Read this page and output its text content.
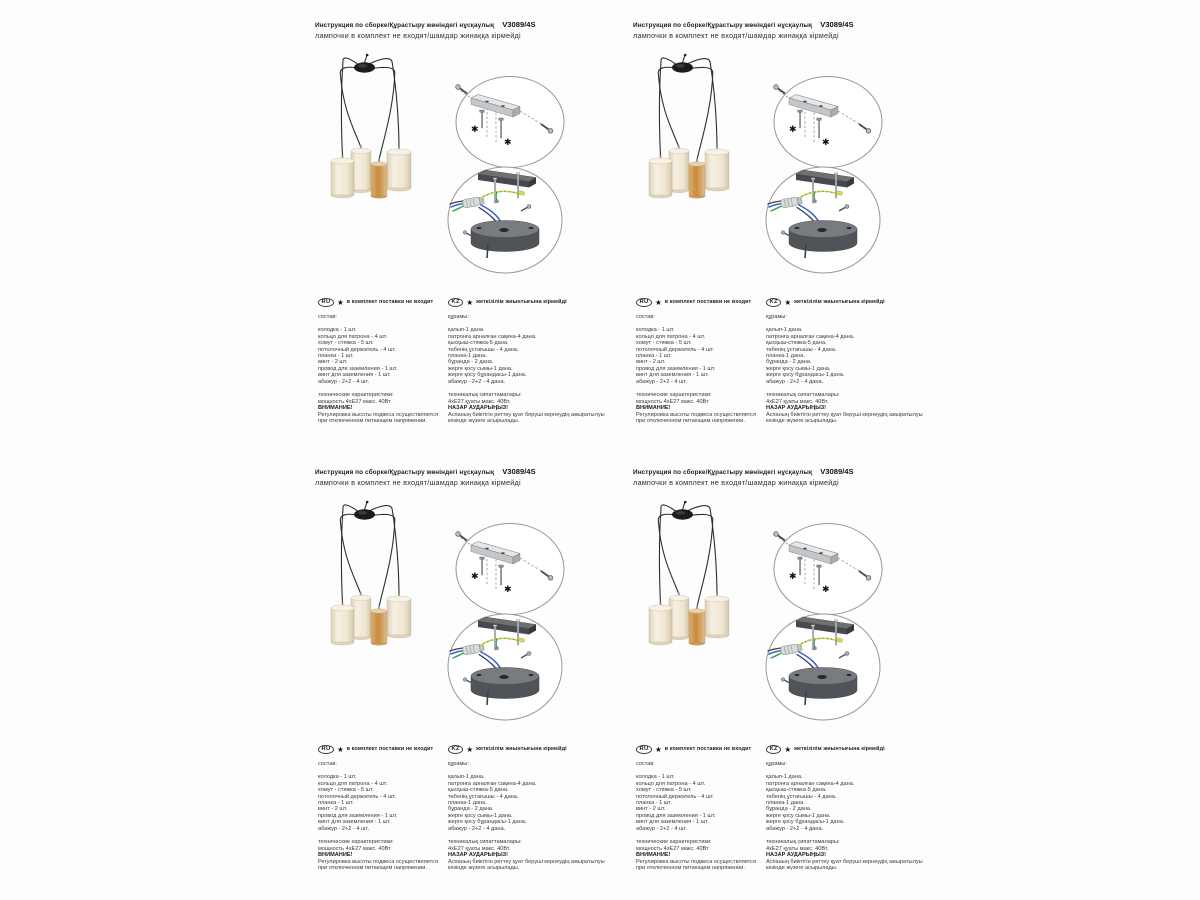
Инструкция по сборке/Құрастыру жөніндегі нұсқаулық V3089/4S
лампочки в комплект не входят/шамдар жинаққа кірмейді
✱
✱
RU ★ в комплект поставки не входит
состав:
колодка - 1 шт.
кольцо для патрона - 4 шт.
хомут - стяжка - 5 шт.
потолочный держатель - 4 шт.
планка - 1 шт.
винт - 2 шт.
провод для заземления - 1 шт.
винт для заземления - 1 шт.
абажур - 2+2 - 4 шт.
технические характеристики:
мощность 4хЕ27 макс. 40Вт
ВНИМАНИЕ!
Регулировка высоты подвеса осуществляется при отключенном питающем напряжении.
KZ ★ жеткізілім жиынтығына кірмейді
құрамы:
қалып-1 дана.
патронға арналған сақина-4 дана.
қысқыш-стяжка-5 дана.
төбенің ұстағышы - 4 дана.
планка-1 дана.
бұранда - 2 дана.
жерге қосу сымы-1 дана.
жерге қосу бұрандасы-1 дана.
абажур - 2+2 - 4 дана.
техникалық сипаттамалары:
4хЕ27 қуаты макс. 40Вт.
НАЗАР АУДАРЫҢЫЗ!
Аспаның биіктігін реттеу қуат беруші кернеудің ажыратылуы кезінде жүзеге асырылады.
Инструкция по сборке/Құрастыру жөніндегі нұсқаулық V3089/4S
лампочки в комплект не входят/шамдар жинаққа кірмейді
✱
✱
RU ★ в комплект поставки не входит
состав:
колодка - 1 шт.
кольцо для патрона - 4 шт.
хомут - стяжка - 5 шт.
потолочный держатель - 4 шт.
планка - 1 шт.
винт - 2 шт.
провод для заземления - 1 шт.
винт для заземления - 1 шт.
абажур - 2+2 - 4 шт.
технические характеристики:
мощность 4хЕ27 макс. 40Вт
ВНИМАНИЕ!
Регулировка высоты подвеса осуществляется при отключенном питающем напряжении.
KZ ★ жеткізілім жиынтығына кірмейді
құрамы:
қалып-1 дана.
патронға арналған сақина-4 дана.
қысқыш-стяжка-5 дана.
төбенің ұстағышы - 4 дана.
планка-1 дана.
бұранда - 2 дана.
жерге қосу сымы-1 дана.
жерге қосу бұрандасы-1 дана.
абажур - 2+2 - 4 дана.
техникалық сипаттамалары:
4хЕ27 қуаты макс. 40Вт.
НАЗАР АУДАРЫҢЫЗ!
Аспаның биіктігін реттеу қуат беруші кернеудің ажыратылуы кезінде жүзеге асырылады.
Инструкция по сборке/Құрастыру жөніндегі нұсқаулық V3089/4S
лампочки в комплект не входят/шамдар жинаққа кірмейді
✱
✱
RU ★ в комплект поставки не входит
состав:
колодка - 1 шт.
кольцо для патрона - 4 шт.
хомут - стяжка - 5 шт.
потолочный держатель - 4 шт.
планка - 1 шт.
винт - 2 шт.
провод для заземления - 1 шт.
винт для заземления - 1 шт.
абажур - 2+2 - 4 шт.
технические характеристики:
мощность 4хЕ27 макс. 40Вт
ВНИМАНИЕ!
Регулировка высоты подвеса осуществляется при отключенном питающем напряжении.
KZ ★ жеткізілім жиынтығына кірмейді
құрамы:
қалып-1 дана.
патронға арналған сақина-4 дана.
қысқыш-стяжка-5 дана.
төбенің ұстағышы - 4 дана.
планка-1 дана.
бұранда - 2 дана.
жерге қосу сымы-1 дана.
жерге қосу бұрандасы-1 дана.
абажур - 2+2 - 4 дана.
техникалық сипаттамалары:
4хЕ27 қуаты макс. 40Вт.
НАЗАР АУДАРЫҢЫЗ!
Аспаның биіктігін реттеу қуат беруші кернеудің ажыратылуы кезінде жүзеге асырылады.
Инструкция по сборке/Құрастыру жөніндегі нұсқаулық V3089/4S
лампочки в комплект не входят/шамдар жинаққа кірмейді
✱
✱
RU ★ в комплект поставки не входит
состав:
колодка - 1 шт.
кольцо для патрона - 4 шт.
хомут - стяжка - 5 шт.
потолочный держатель - 4 шт.
планка - 1 шт.
винт - 2 шт.
провод для заземления - 1 шт.
винт для заземления - 1 шт.
абажур - 2+2 - 4 шт.
технические характеристики:
мощность 4хЕ27 макс. 40Вт
ВНИМАНИЕ!
Регулировка высоты подвеса осуществляется при отключенном питающем напряжении.
KZ ★ жеткізілім жиынтығына кірмейді
құрамы:
қалып-1 дана.
патронға арналған сақина-4 дана.
қысқыш-стяжка-5 дана.
төбенің ұстағышы - 4 дана.
планка-1 дана.
бұранда - 2 дана.
жерге қосу сымы-1 дана.
жерге қосу бұрандасы-1 дана.
абажур - 2+2 - 4 дана.
техникалық сипаттамалары:
4хЕ27 қуаты макс. 40Вт.
НАЗАР АУДАРЫҢЫЗ!
Аспаның биіктігін реттеу қуат беруші кернеудің ажыратылуы кезінде жүзеге асырылады.
